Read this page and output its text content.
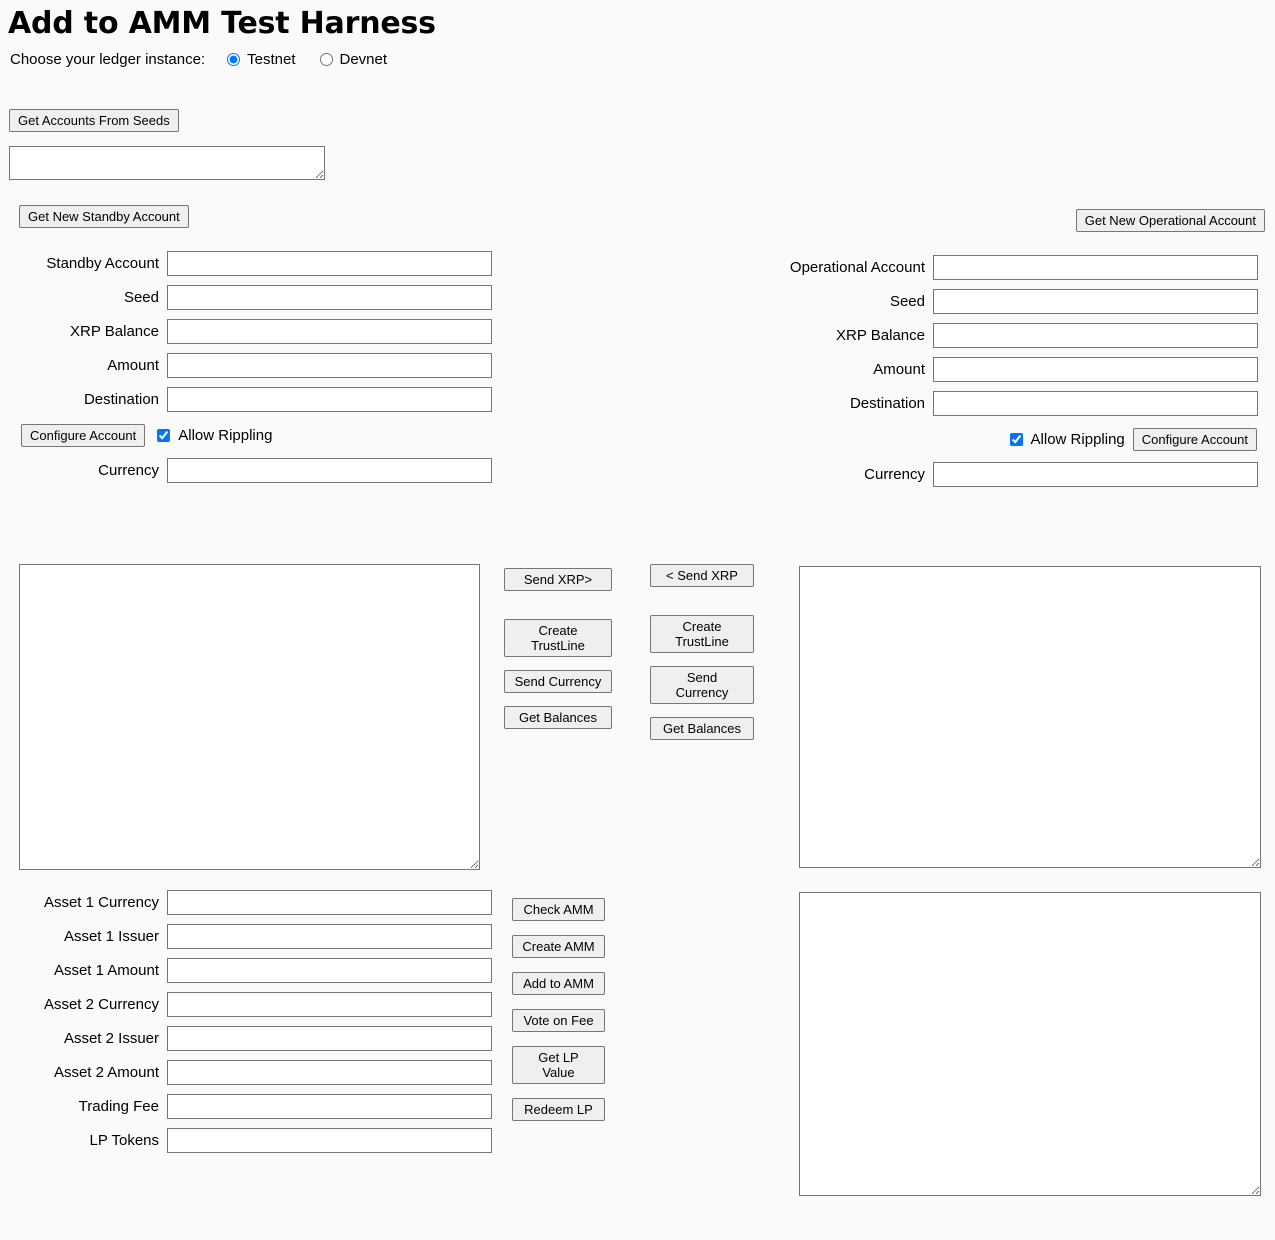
Add to AMM Test Harness
Choose your ledger instance:	Testnet	Devnet
Get Accounts From Seeds
Get New Standby Account
Standby Account
Seed
XRP Balance
Amount
Destination
Configure Account	Allow Rippling
Currency
Get New Operational Account
Operational Account
Seed
XRP Balance
Amount
Destination
Allow Rippling	Configure Account
Currency
Send XRP>
Create TrustLine
Send Currency
Get Balances
< Send XRP
Create TrustLine
Send Currency
Get Balances
Asset 1 Currency
Asset 1 Issuer
Asset 1 Amount
Asset 2 Currency
Asset 2 Issuer
Asset 2 Amount
Trading Fee
LP Tokens
Check AMM
Create AMM
Add to AMM
Vote on Fee
Get LP Value
Redeem LP
